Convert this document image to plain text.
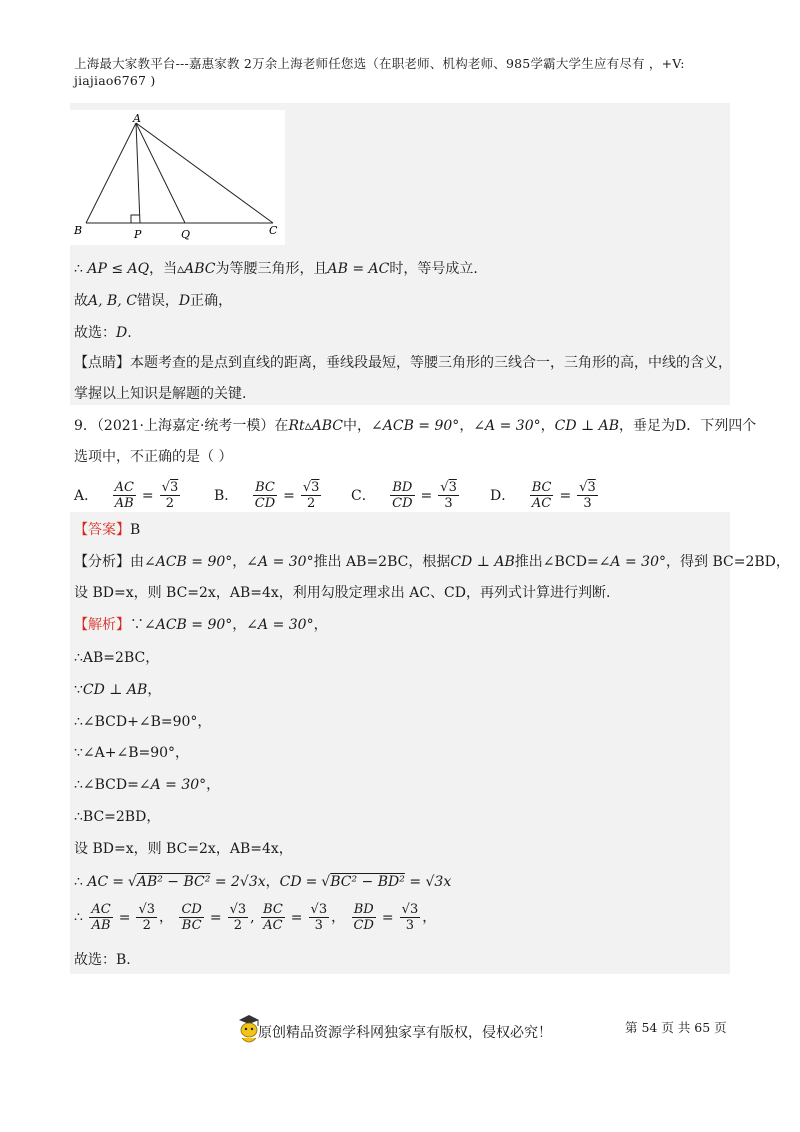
上海最大家教平台---嘉惠家教 2万余上海老师任您选（在职老师、机构老师、985学霸大学生应有尽有 ，+V:
jiajiao6767 )
A
B	P	Q	C
∴ AP ≤ AQ，当▵ABC为等腰三角形，且AB = AC时，等号成立.
故A, B, C错误，D正确，
故选：D.
【点睛】本题考查的是点到直线的距离，垂线段最短，等腰三角形的三线合一，三角形的高，中线的含义，
掌握以上知识是解题的关键.
9．（2021·上海嘉定·统考一模）在Rt▵ABC中，∠ACB = 90°，∠A = 30°，CD ⊥ AB，垂足为D．下列四个
选项中，不正确的是（ ）
A． $\frac{AC}{AB} = \frac{√3}{2}$ B． $\frac{BC}{CD} = \frac{√3}{2}$ C． $\frac{BD}{CD} = \frac{√3}{3}$ D． $\frac{BC}{AC} = \frac{√3}{3}$
【答案】B
【分析】由∠ACB = 90°，∠A = 30°推出 AB=2BC，根据CD ⊥ AB推出∠BCD=∠A = 30°，得到 BC=2BD，
设 BD=x，则 BC=2x，AB=4x，利用勾股定理求出 AC、CD，再列式计算进行判断.
【解析】∵∠ACB = 90°，∠A = 30°，
∴AB=2BC，
∵CD ⊥ AB，
∴∠BCD+∠B=90°，
∵∠A+∠B=90°，
∴∠BCD=∠A = 30°，
∴BC=2BD，
设 BD=x，则 BC=2x，AB=4x，
∴ AC = √AB² − BC² = 2√3x，CD = √BC² − BD² = √3x
∴ $\frac{AC}{AB} = \frac{√3}{2}$ ， $\frac{CD}{BC} = \frac{√3}{2}$ , $\frac{BC}{AC} = \frac{√3}{3}$ ， $\frac{BD}{CD} = \frac{√3}{3}$ ，
故选：B.
原创精品资源学科网独家享有版权，侵权必究！	第 54 页 共 65 页
